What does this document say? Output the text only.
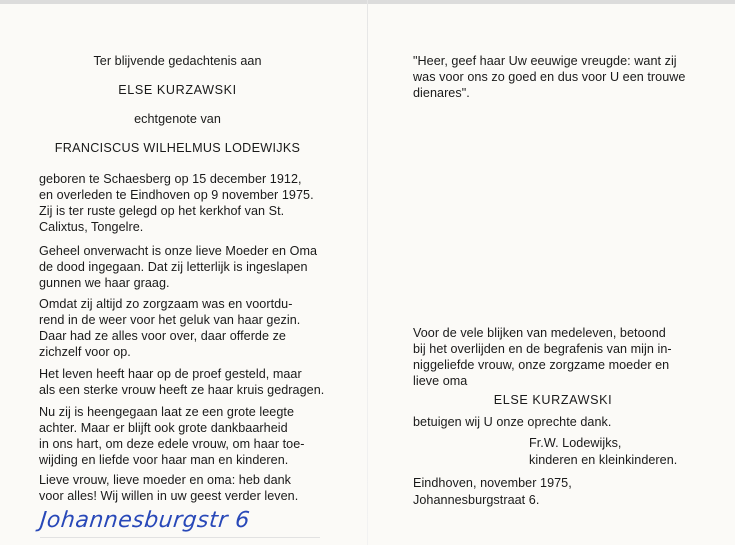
Ter blijvende gedachtenis aan

ELSE KURZAWSKI

echtgenote van

FRANCISCUS WILHELMUS LODEWIJKS

geboren te Schaesberg op 15 december 1912,
en overleden te Eindhoven op 9 november 1975.
Zij is ter ruste gelegd op het kerkhof van St.
Calixtus, Tongelre.
Geheel onverwacht is onze lieve Moeder en Oma
de dood ingegaan. Dat zij letterlijk is ingeslapen
gunnen we haar graag.
Omdat zij altijd zo zorgzaam was en voortdu-
rend in de weer voor het geluk van haar gezin.
Daar had ze alles voor over, daar offerde ze
zichzelf voor op.
Het leven heeft haar op de proef gesteld, maar
als een sterke vrouw heeft ze haar kruis gedragen.
Nu zij is heengegaan laat ze een grote leegte
achter. Maar er blijft ook grote dankbaarheid
in ons hart, om deze edele vrouw, om haar toe-
wijding en liefde voor haar man en kinderen.
Lieve vrouw, lieve moeder en oma: heb dank
voor alles! Wij willen in uw geest verder leven.
Johannesburgstr 6
"Heer, geef haar Uw eeuwige vreugde: want zij
was voor ons zo goed en dus voor U een trouwe
dienares".
Voor de vele blijken van medeleven, betoond
bij het overlijden en de begrafenis van mijn in-
niggeliefde vrouw, onze zorgzame moeder en
lieve oma

ELSE KURZAWSKI

betuigen wij U onze oprechte dank.

Fr.W. Lodewijks,

kinderen en kleinkinderen.

Eindhoven, november 1975,

Johannesburgstraat 6.
